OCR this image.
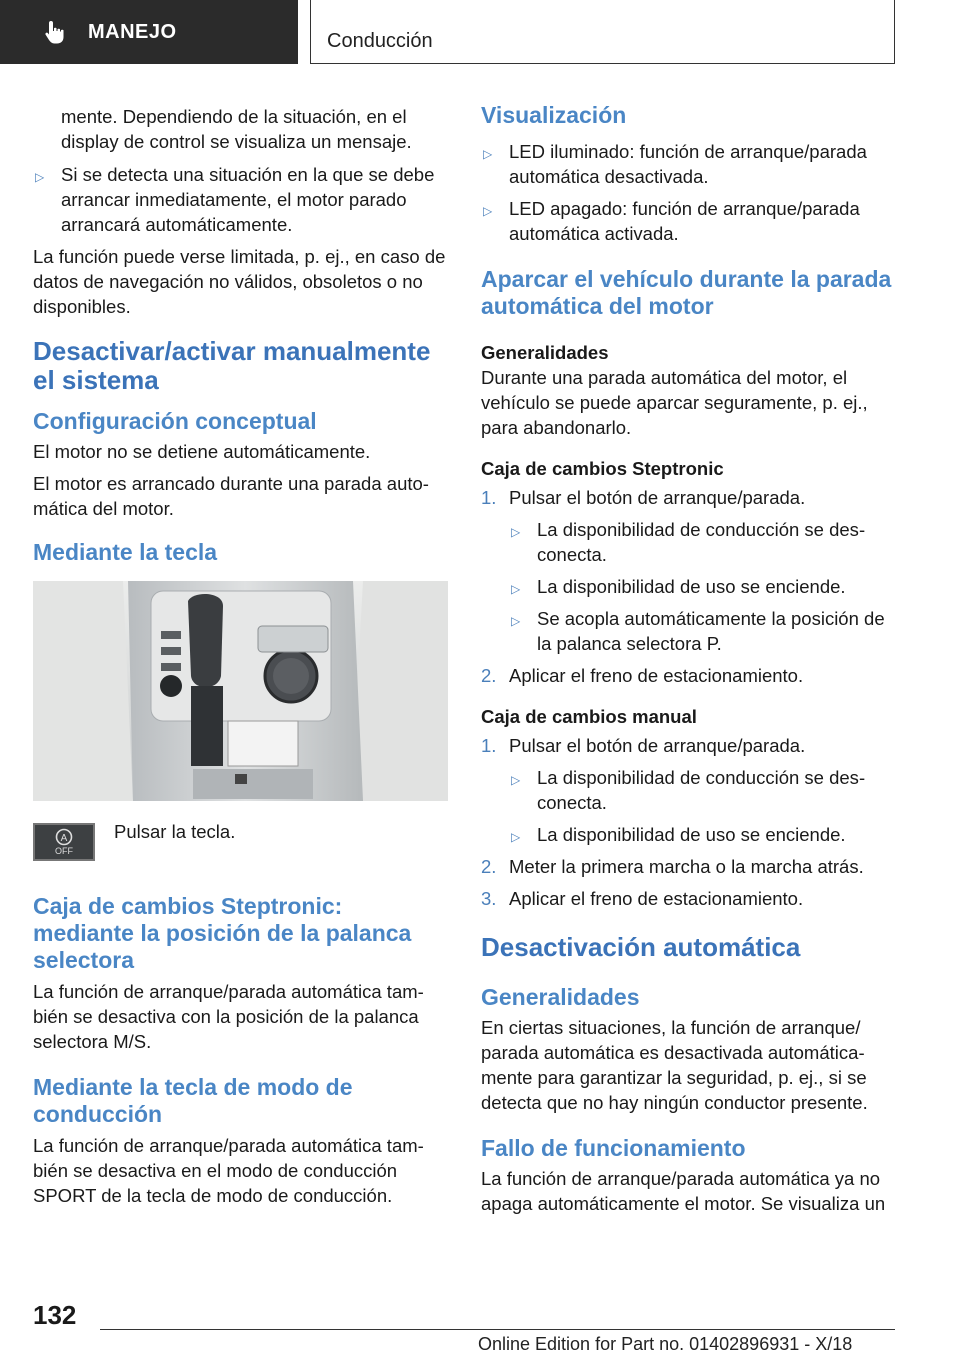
MANEJO	Conducción

mente. Dependiendo de la situación, en el display de control se visualiza un mensaje.

▷ Si se detecta una situación en la que se debe arrancar inmediatamente, el motor parado arrancará automáticamente.

La función puede verse limitada, p. ej., en caso de datos de navegación no válidos, obsoletos o no disponibles.

Desactivar/activar manualmente el sistema
Configuración conceptual

El motor no se detiene automáticamente.

El motor es arrancado durante una parada automática del motor.

Mediante la tecla
A
OFF

Pulsar la tecla.

Caja de cambios Steptronic: mediante la posición de la palanca selectora

La función de arranque/parada automática también se desactiva con la posición de la palanca selectora M/S.

Mediante la tecla de modo de conducción

La función de arranque/parada automática también se desactiva en el modo de conducción SPORT de la tecla de modo de conducción.

Visualización
▷ LED iluminado: función de arranque/parada automática desactivada.
▷ LED apagado: función de arranque/parada automática activada.
Aparcar el vehículo durante la parada automática del motor
Generalidades

Durante una parada automática del motor, el vehículo se puede aparcar seguramente, p. ej., para abandonarlo.

Caja de cambios Steptronic
1. Pulsar el botón de arranque/parada.
▷ La disponibilidad de conducción se desconecta.
▷ La disponibilidad de uso se enciende.
▷ Se acopla automáticamente la posición de la palanca selectora P.
2. Aplicar el freno de estacionamiento.
Caja de cambios manual
1. Pulsar el botón de arranque/parada.
▷ La disponibilidad de conducción se desconecta.
▷ La disponibilidad de uso se enciende.
2. Meter la primera marcha o la marcha atrás.
3. Aplicar el freno de estacionamiento.
Desactivación automática
Generalidades

En ciertas situaciones, la función de arranque/ parada automática es desactivada automáticamente para garantizar la seguridad, p. ej., si se detecta que no hay ningún conductor presente.

Fallo de funcionamiento

La función de arranque/parada automática ya no apaga automáticamente el motor. Se visualiza un

132
Online Edition for Part no. 01402896931 - X/18
